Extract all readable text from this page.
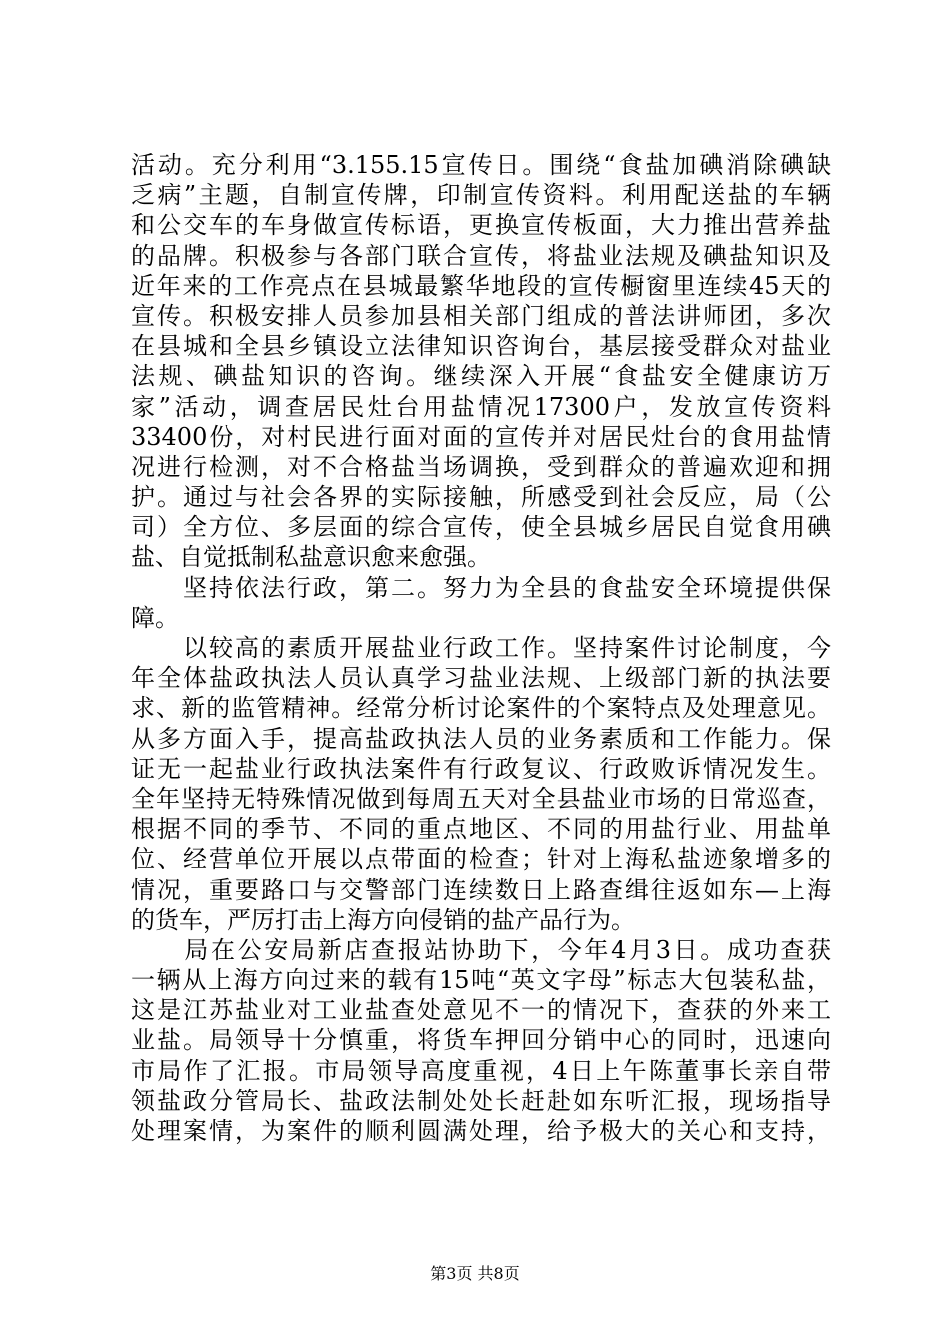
活动。充分利用“3.155.15宣传日。围绕“食盐加碘消除碘缺
乏病”主题，自制宣传牌，印制宣传资料。利用配送盐的车辆
和公交车的车身做宣传标语，更换宣传板面，大力推出营养盐
的品牌。积极参与各部门联合宣传，将盐业法规及碘盐知识及
近年来的工作亮点在县城最繁华地段的宣传橱窗里连续45天的
宣传。积极安排人员参加县相关部门组成的普法讲师团，多次
在县城和全县乡镇设立法律知识咨询台，基层接受群众对盐业
法规、碘盐知识的咨询。继续深入开展“食盐安全健康访万
家”活动，调查居民灶台用盐情况17300户，发放宣传资料
33400份，对村民进行面对面的宣传并对居民灶台的食用盐情
况进行检测，对不合格盐当场调换，受到群众的普遍欢迎和拥
护。通过与社会各界的实际接触，所感受到社会反应，局（公
司）全方位、多层面的综合宣传，使全县城乡居民自觉食用碘
盐、自觉抵制私盐意识愈来愈强。
　　坚持依法行政，第二。努力为全县的食盐安全环境提供保
障。
　　以较高的素质开展盐业行政工作。坚持案件讨论制度，今
年全体盐政执法人员认真学习盐业法规、上级部门新的执法要
求、新的监管精神。经常分析讨论案件的个案特点及处理意见。
从多方面入手，提高盐政执法人员的业务素质和工作能力。保
证无一起盐业行政执法案件有行政复议、行政败诉情况发生。
全年坚持无特殊情况做到每周五天对全县盐业市场的日常巡查，
根据不同的季节、不同的重点地区、不同的用盐行业、用盐单
位、经营单位开展以点带面的检查；针对上海私盐迹象增多的
情况，重要路口与交警部门连续数日上路查缉往返如东—上海
的货车，严厉打击上海方向侵销的盐产品行为。
　　局在公安局新店查报站协助下，今年4月3日。成功查获
一辆从上海方向过来的载有15吨“英文字母”标志大包装私盐，
这是江苏盐业对工业盐查处意见不一的情况下，查获的外来工
业盐。局领导十分慎重，将货车押回分销中心的同时，迅速向
市局作了汇报。市局领导高度重视，4日上午陈董事长亲自带
领盐政分管局长、盐政法制处处长赶赴如东听汇报，现场指导
处理案情，为案件的顺利圆满处理，给予极大的关心和支持，
第3页 共8页
